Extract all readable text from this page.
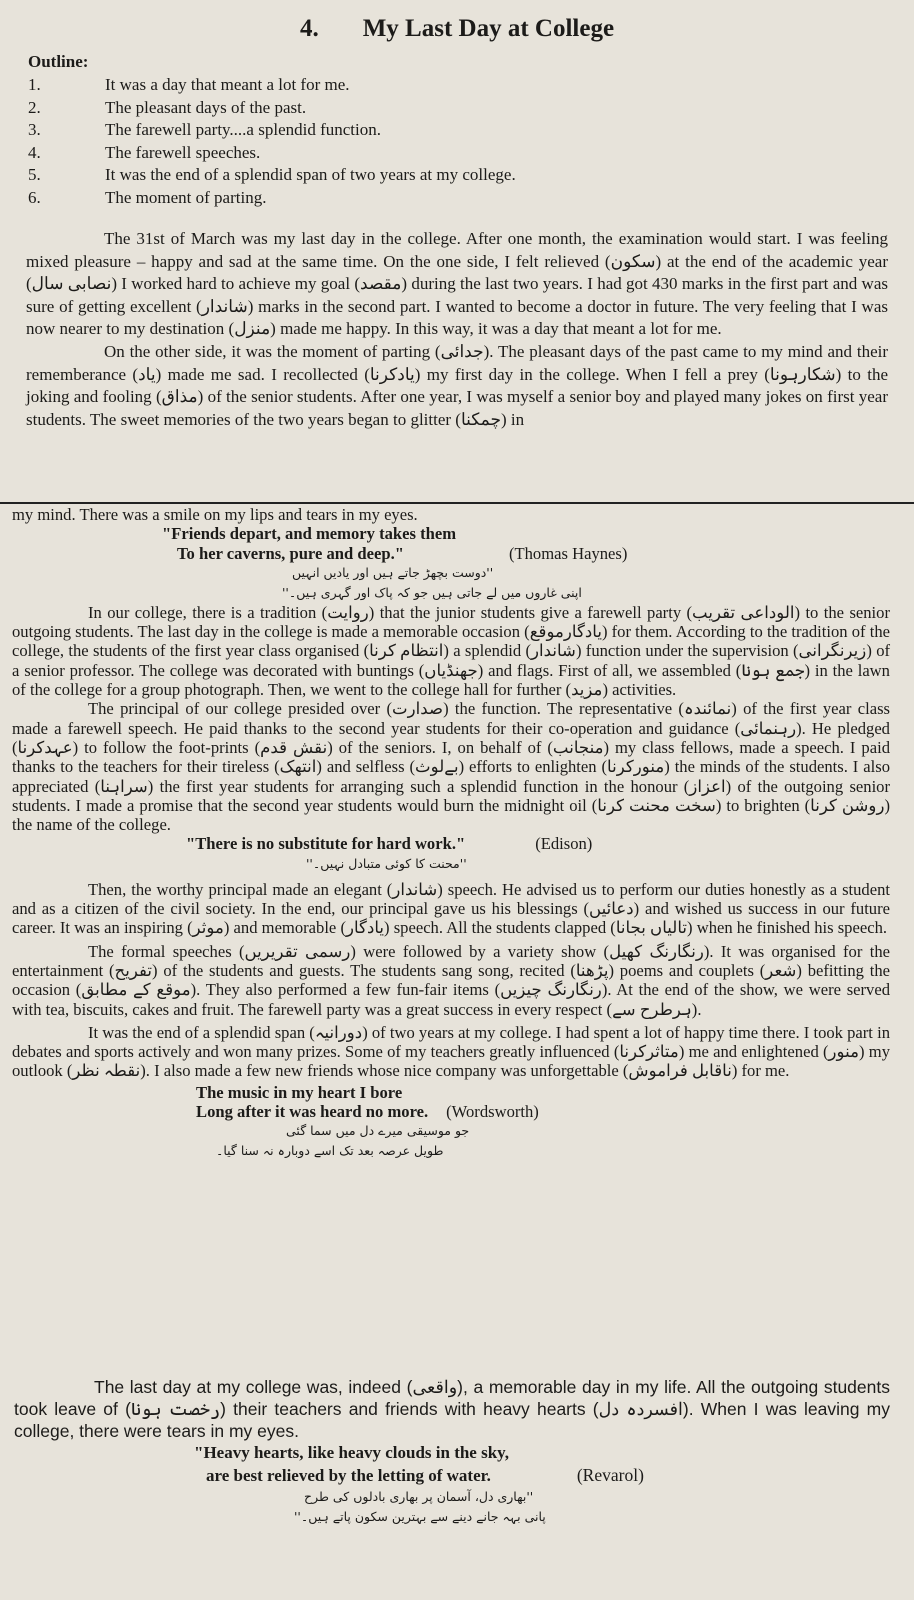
4. My Last Day at College
Outline:
1.	It was a day that meant a lot for me.
2.	The pleasant days of the past.
3.	The farewell party....a splendid function.
4.	The farewell speeches.
5.	It was the end of a splendid span of two years at my college.
6.	The moment of parting.

The 31st of March was my last day in the college. After one month, the examination would start. I was feeling mixed pleasure – happy and sad at the same time. On the one side, I felt relieved (سکون) at the end of the academic year (نصابی سال) I worked hard to achieve my goal (مقصد) during the last two years. I had got 430 marks in the first part and was sure of getting excellent (شاندار) marks in the second part. I wanted to become a doctor in future. The very feeling that I was now nearer to my destination (منزل) made me happy. In this way, it was a day that meant a lot for me.

On the other side, it was the moment of parting (جدائی). The pleasant days of the past came to my mind and their rememberance (یاد) made me sad. I recollected (یادکرنا) my first day in the college. When I fell a prey (شکارہونا) to the joking and fooling (مذاق) of the senior students. After one year, I was myself a senior boy and played many jokes on first year students. The sweet memories of the two years began to glitter (چمکنا) in

my mind. There was a smile on my lips and tears in my eyes.

"Friends depart, and memory takes them
To her caverns, pure and deep."	(Thomas Haynes)
''دوست بچھڑ جاتے ہیں اور یادیں انہیں
اپنی غاروں میں لے جاتی ہیں جو کہ پاک اور گہری ہیں۔''

In our college, there is a tradition (روایت) that the junior students give a farewell party (الوداعی تقریب) to the senior outgoing students. The last day in the college is made a memorable occasion (یادگارموقع) for them. According to the tradition of the college, the students of the first year class organised (انتظام کرنا) a splendid (شاندار) function under the supervision (زیرنگرانی) of a senior professor. The college was decorated with buntings (جھنڈیاں) and flags. First of all, we assembled (جمع ہونا) in the lawn of the college for a group photograph. Then, we went to the college hall for further (مزید) activities.

The principal of our college presided over (صدارت) the function. The representative (نمائندہ) of the first year class made a farewell speech. He paid thanks to the second year students for their co-operation and guidance (رہنمائی). He pledged (عہدکرنا) to follow the foot-prints (نقش قدم) of the seniors. I, on behalf of (منجانب) my class fellows, made a speech. I paid thanks to the teachers for their tireless (انتھک) and selfless (بےلوث) efforts to enlighten (منورکرنا) the minds of the students. I also appreciated (سراہنا) the first year students for arranging such a splendid function in the honour (اعزاز) of the outgoing senior students. I made a promise that the second year students would burn the midnight oil (سخت محنت کرنا) to brighten (روشن کرنا) the name of the college.

"There is no substitute for hard work."	(Edison)
''محنت کا کوئی متبادل نہیں۔''

Then, the worthy principal made an elegant (شاندار) speech. He advised us to perform our duties honestly as a student and as a citizen of the civil society. In the end, our principal gave us his blessings (دعائیں) and wished us success in our future career. It was an inspiring (موثر) and memorable (یادگار) speech. All the students clapped (تالیاں بجانا) when he finished his speech.

The formal speeches (رسمی تقریریں) were followed by a variety show (رنگارنگ کھیل). It was organised for the entertainment (تفریح) of the students and guests. The students sang song, recited (پڑھنا) poems and couplets (شعر) befitting the occasion (موقع کے مطابق). They also performed a few fun-fair items (رنگارنگ چیزیں). At the end of the show, we were served with tea, biscuits, cakes and fruit. The farewell party was a great success in every respect (ہرطرح سے).

It was the end of a splendid span (دورانیہ) of two years at my college. I had spent a lot of happy time there. I took part in debates and sports actively and won many prizes. Some of my teachers greatly influenced (متاثرکرنا) me and enlightened (منور) my outlook (نقطہ نظر). I also made a few new friends whose nice company was unforgettable (ناقابل فراموش) for me.

The music in my heart I bore
Long after it was heard no more. (Wordsworth)
جو موسیقی میرے دل میں سما گئی
طویل عرصہ بعد تک اسے دوبارہ نہ سنا گیا۔

The last day at my college was, indeed (واقعی), a memorable day in my life. All the outgoing students took leave of (رخصت ہونا) their teachers and friends with heavy hearts (افسردہ دل). When I was leaving my college, there were tears in my eyes.

"Heavy hearts, like heavy clouds in the sky,
are best relieved by the letting of water.	(Revarol)
''بھاری دل، آسمان پر بھاری بادلوں کی طرح
پانی بہہ جانے دینے سے بہترین سکون پاتے ہیں۔''
